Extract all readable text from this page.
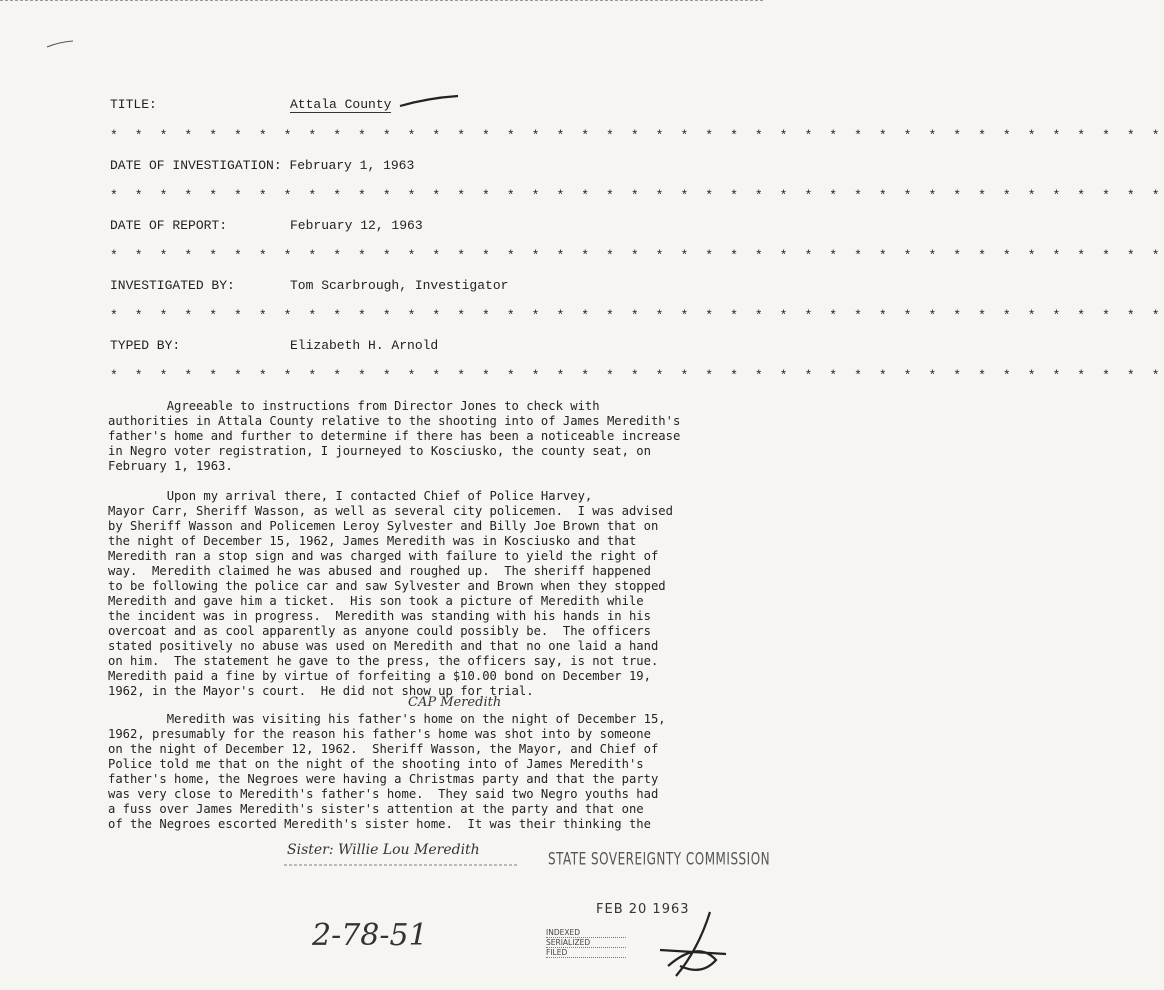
TITLE:	Attala County
* * * * * * * * * * * * * * * * * * * * * * * * * * * * * * * * * * * * * * * * * * *
DATE OF INVESTIGATION: February 1, 1963
* * * * * * * * * * * * * * * * * * * * * * * * * * * * * * * * * * * * * * * * * * *
DATE OF REPORT:	February 12, 1963
* * * * * * * * * * * * * * * * * * * * * * * * * * * * * * * * * * * * * * * * * * *
INVESTIGATED BY:	Tom Scarbrough, Investigator
* * * * * * * * * * * * * * * * * * * * * * * * * * * * * * * * * * * * * * * * * * *
TYPED BY:	Elizabeth H. Arnold
* * * * * * * * * * * * * * * * * * * * * * * * * * * * * * * * * * * * * * * * * * *
Agreeable to instructions from Director Jones to check with
authorities in Attala County relative to the shooting into of James Meredith's
father's home and further to determine if there has been a noticeable increase
in Negro voter registration, I journeyed to Kosciusko, the county seat, on
February 1, 1963.
Upon my arrival there, I contacted Chief of Police Harvey,
Mayor Carr, Sheriff Wasson, as well as several city policemen.  I was advised
by Sheriff Wasson and Policemen Leroy Sylvester and Billy Joe Brown that on
the night of December 15, 1962, James Meredith was in Kosciusko and that
Meredith ran a stop sign and was charged with failure to yield the right of
way.  Meredith claimed he was abused and roughed up.  The sheriff happened
to be following the police car and saw Sylvester and Brown when they stopped
Meredith and gave him a ticket.  His son took a picture of Meredith while
the incident was in progress.  Meredith was standing with his hands in his
overcoat and as cool apparently as anyone could possibly be.  The officers
stated positively no abuse was used on Meredith and that no one laid a hand
on him.  The statement he gave to the press, the officers say, is not true.
Meredith paid a fine by virtue of forfeiting a $10.00 bond on December 19,
1962, in the Mayor's court.  He did not show up for trial.
CAP Meredith
Meredith was visiting his father's home on the night of December 15,
1962, presumably for the reason his father's home was shot into by someone
on the night of December 12, 1962.  Sheriff Wasson, the Mayor, and Chief of
Police told me that on the night of the shooting into of James Meredith's
father's home, the Negroes were having a Christmas party and that the party
was very close to Meredith's father's home.  They said two Negro youths had
a fuss over James Meredith's sister's attention at the party and that one
of the Negroes escorted Meredith's sister home.  It was their thinking the
Sister: Willie Lou Meredith
2-78-51
STATE SOVEREIGNTY COMMISSION
FEB 20 1963
INDEXED
SERIALIZED
FILED
